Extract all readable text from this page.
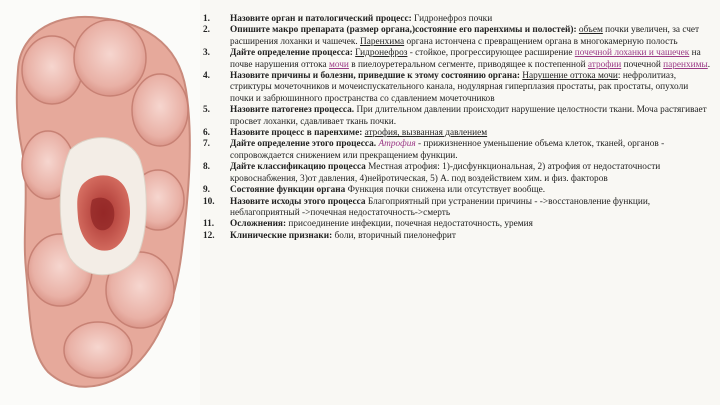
1.	Назовите орган и патологический процесс: Гидронефроз почки
2.	Опишите макро препарата (размер органа,)состояние его паренхимы и полостей): объем почки увеличен, за счет расширения лоханки и чашечек. Паренхима органа истончена с превращением органа в многокамерную полость
3.	Дайте определение процесса: Гидронефроз - стойкое, прогрессирующее расширение почечной лоханки и чашечек на почве нарушения оттока мочи в пиелоуретеральном сегменте, приводящее к постепенной атрофии почечной паренхимы.
4.	Назовите причины и болезни, приведшие к этому состоянию органа: Нарушение оттока мочи: нефролитиаз, стриктуры мочеточников и мочеиспускательного канала, нодулярная гиперплазия простаты, рак простаты, опухоли почки и забрюшинного пространства со сдавлением мочеточников
5.	Назовите патогенез процесса. При длительном давлении происходит нарушение целостности ткани. Моча растягивает просвет лоханки, сдавливает ткань почки.
6.	Назовите процесс в паренхиме: атрофия, вызванная давлением
7.	Дайте определение этого процесса. Атрофия - прижизненное уменьшение объема клеток, тканей, органов - сопровождается снижением или прекращением функции.
8.	Дайте классификацию процесса Местная атрофия: 1)-дисфункциональная, 2) атрофия от недостаточности кровоснабжения, 3)от давления, 4)нейротическая, 5) А. под воздействием хим. и физ. факторов
9.	Состояние функции органа Функция почки снижена или отсутствует вообще.
10.	Назовите исходы этого процесса Благоприятный при устранении причины - ->восстановление функции, неблагоприятный ->почечная недостаточность->смерть
11.	Осложнения: присоединение инфекции, почечная недостаточность, уремия
12.	Клинические признаки: боли, вторичный пиелонефрит
